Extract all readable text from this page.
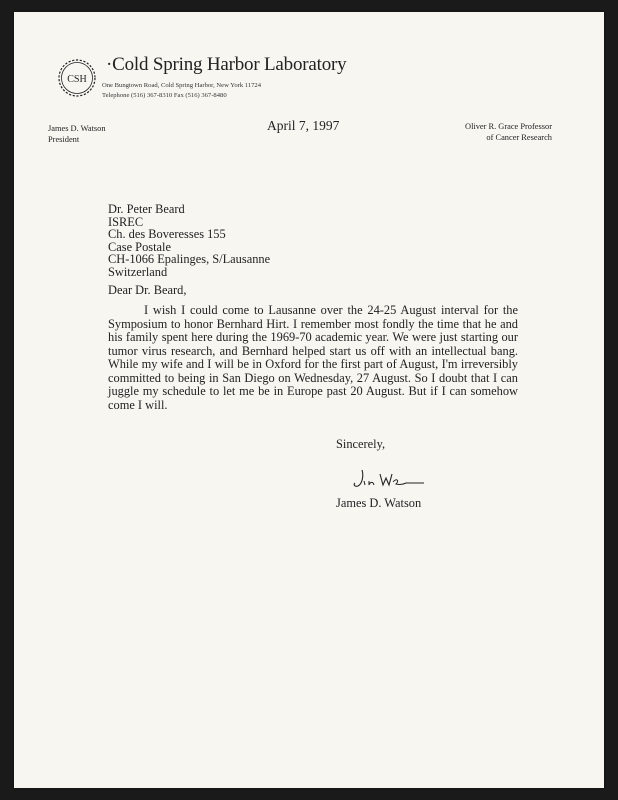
CSH
·Cold Spring Harbor Laboratory
One Bungtown Road, Cold Spring Harbor, New York 11724
Telephone (516) 367-8310 Fax (516) 367-8480
James D. Watson
President
Oliver R. Grace Professor
of Cancer Research
April 7, 1997
Dr. Peter Beard
ISREC
Ch. des Boveresses 155
Case Postale
CH-1066 Epalinges, S/Lausanne
Switzerland
Dear Dr. Beard,
I wish I could come to Lausanne over the 24-25 August interval for the Symposium to honor Bernhard Hirt. I remember most fondly the time that he and his family spent here during the 1969-70 academic year. We were just starting our tumor virus research, and Bernhard helped start us off with an intellectual bang. While my wife and I will be in Oxford for the first part of August, I'm irreversibly committed to being in San Diego on Wednesday, 27 August. So I doubt that I can juggle my schedule to let me be in Europe past 20 August. But if I can somehow come I will.
Sincerely,
James D. Watson
